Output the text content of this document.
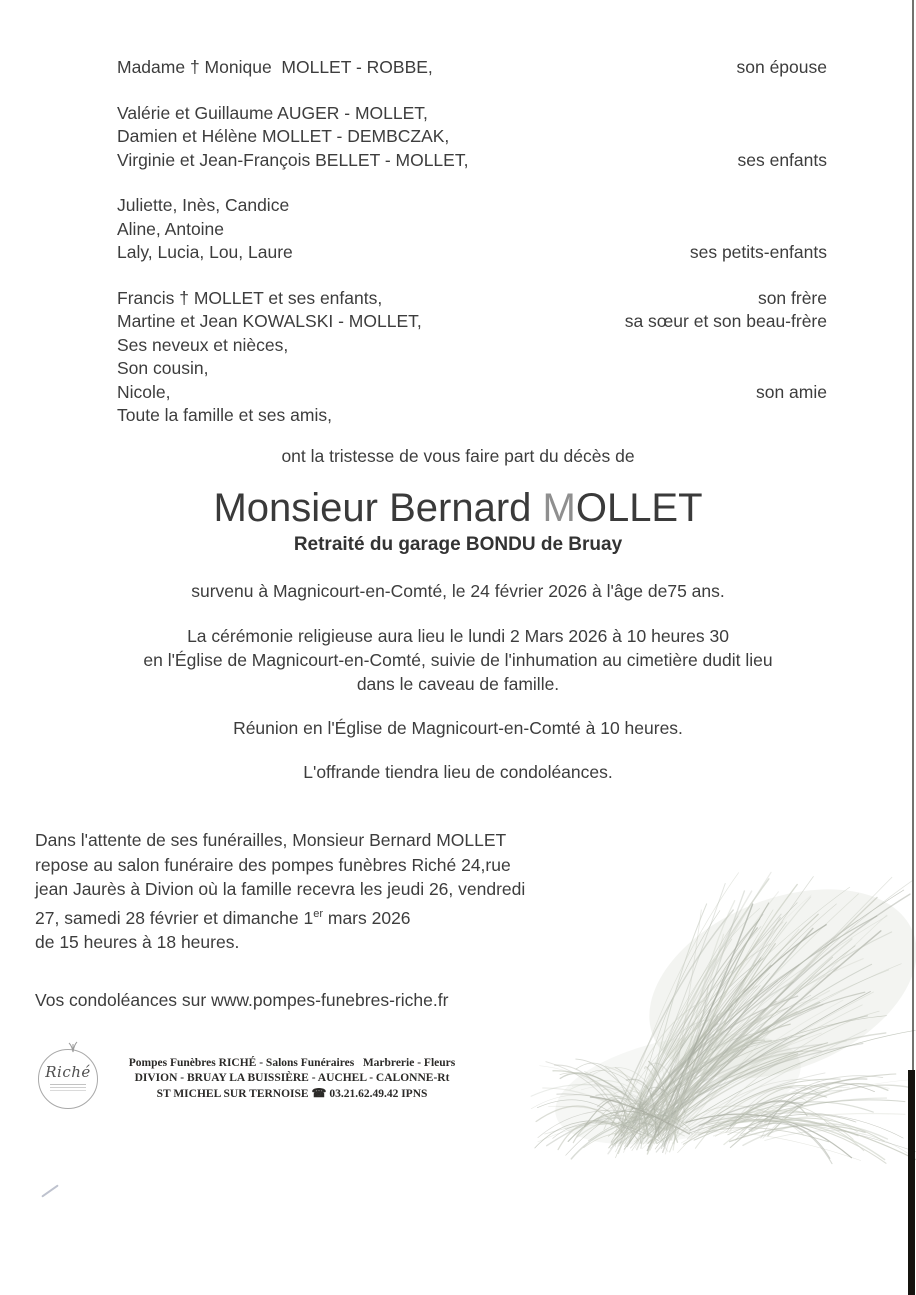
Madame † Monique  MOLLET - ROBBE,	son épouse
Valérie et Guillaume AUGER - MOLLET,
Damien et Hélène MOLLET - DEMBCZAK,
Virginie et Jean-François BELLET - MOLLET,	ses enfants
Juliette, Inès, Candice
Aline, Antoine
Laly, Lucia, Lou, Laure	ses petits-enfants
Francis † MOLLET et ses enfants,	son frère
Martine et Jean KOWALSKI - MOLLET,	sa sœur et son beau-frère
Ses neveux et nièces,
Son cousin,
Nicole,	son amie
Toute la famille et ses amis,
ont la tristesse de vous faire part du décès de
Monsieur Bernard MOLLET
Retraité du garage BONDU de Bruay
survenu à Magnicourt-en-Comté, le 24 février 2026 à l'âge de75 ans.
La cérémonie religieuse aura lieu le lundi 2 Mars 2026 à 10 heures 30
en l'Église de Magnicourt-en-Comté, suivie de l'inhumation au cimetière dudit lieu
dans le caveau de famille.
Réunion en l'Église de Magnicourt-en-Comté à 10 heures.
L'offrande tiendra lieu de condoléances.
Dans l'attente de ses funérailles, Monsieur Bernard MOLLET
repose au salon funéraire des pompes funèbres Riché 24,rue
jean Jaurès à Divion où la famille recevra les jeudi 26, vendredi
27, samedi 28 février et dimanche 1er mars 2026
de 15 heures à 18 heures.
Vos condoléances sur www.pompes-funebres-riche.fr
Riché	Pompes Funèbres RICHÉ - Salons Funéraires   Marbrerie - Fleurs
DIVION - BRUAY LA BUISSIÈRE - AUCHEL - CALONNE-Rt
ST MICHEL SUR TERNOISE ☎ 03.21.62.49.42 IPNS
